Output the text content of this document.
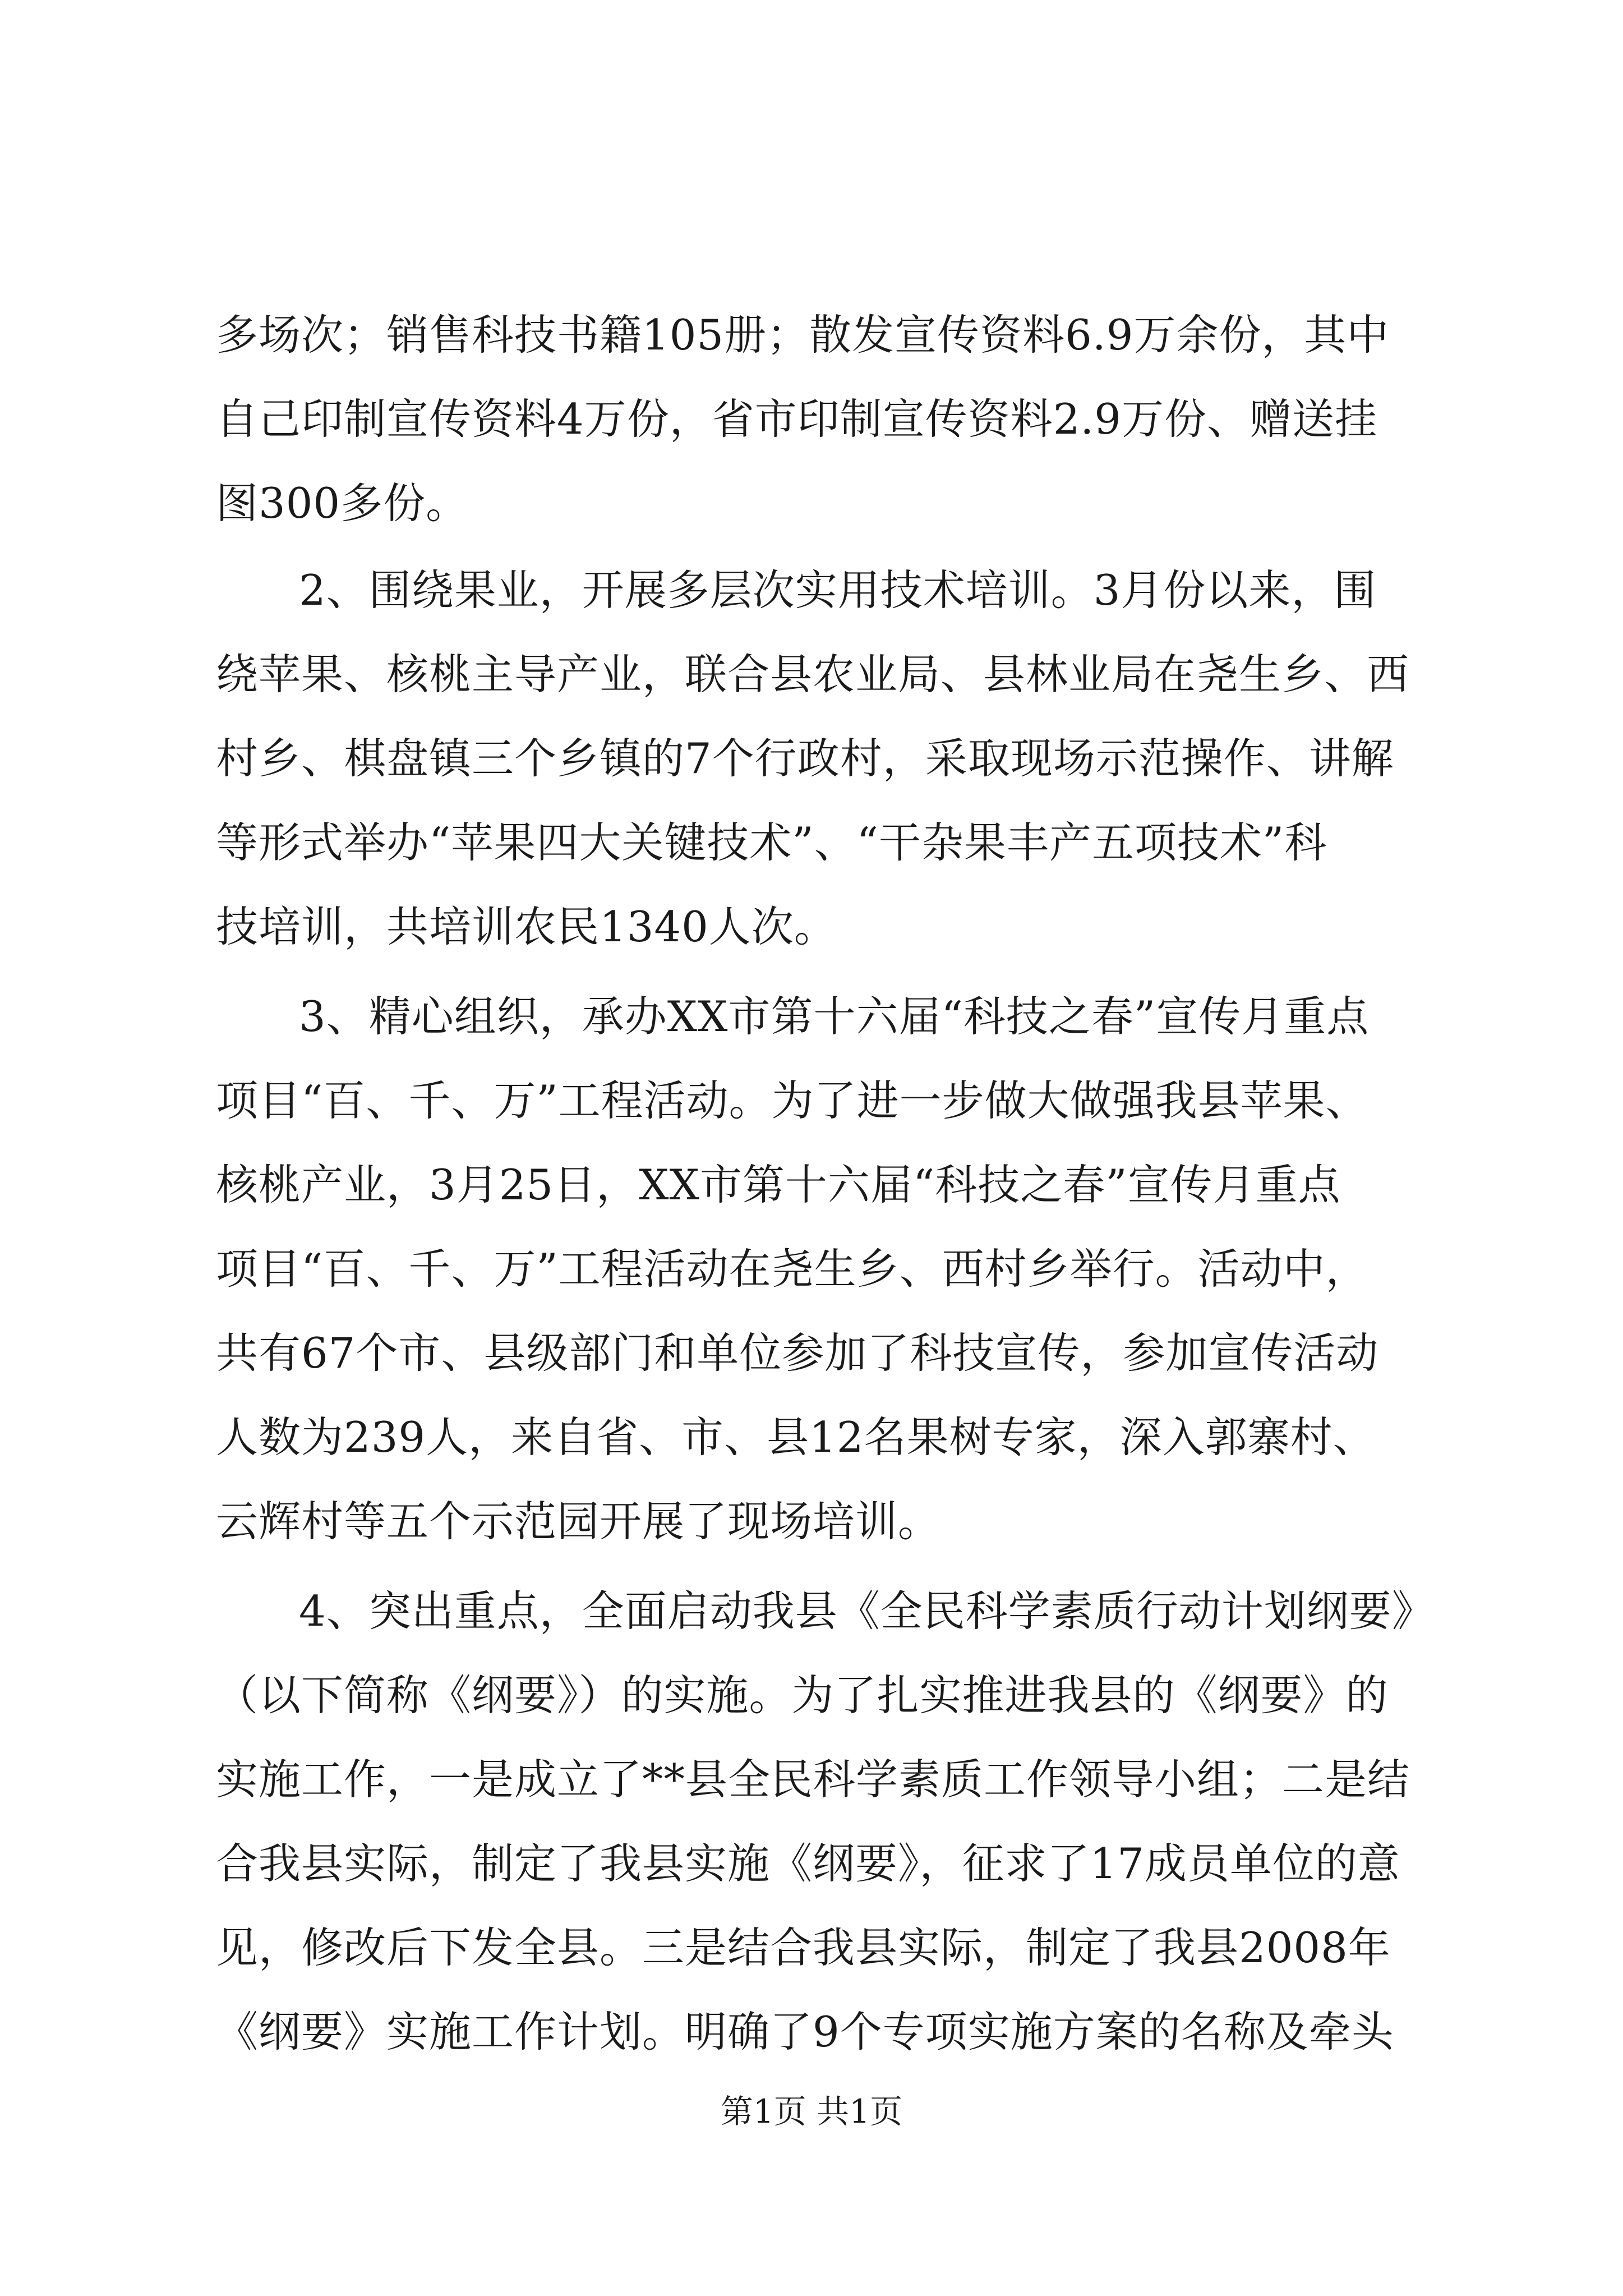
多场次；销售科技书籍105册；散发宣传资料6.9万余份，其中
自己印制宣传资料4万份，省市印制宣传资料2.9万份、赠送挂
图300多份。
2、围绕果业，开展多层次实用技术培训。3月份以来，围
绕苹果、核桃主导产业，联合县农业局、县林业局在尧生乡、西
村乡、棋盘镇三个乡镇的7个行政村，采取现场示范操作、讲解
等形式举办“苹果四大关键技术”、“干杂果丰产五项技术”科
技培训，共培训农民1340人次。
3、精心组织，承办XX市第十六届“科技之春”宣传月重点
项目“百、千、万”工程活动。为了进一步做大做强我县苹果、
核桃产业，3月25日，XX市第十六届“科技之春”宣传月重点
项目“百、千、万”工程活动在尧生乡、西村乡举行。活动中，
共有67个市、县级部门和单位参加了科技宣传，参加宣传活动
人数为239人，来自省、市、县12名果树专家，深入郭寨村、
云辉村等五个示范园开展了现场培训。
4、突出重点，全面启动我县《全民科学素质行动计划纲要》
（以下简称《纲要》）的实施。为了扎实推进我县的《纲要》的
实施工作，一是成立了**县全民科学素质工作领导小组；二是结
合我县实际，制定了我县实施《纲要》，征求了17成员单位的意
见，修改后下发全县。三是结合我县实际，制定了我县2008年
《纲要》实施工作计划。明确了9个专项实施方案的名称及牵头
第1页 共1页
